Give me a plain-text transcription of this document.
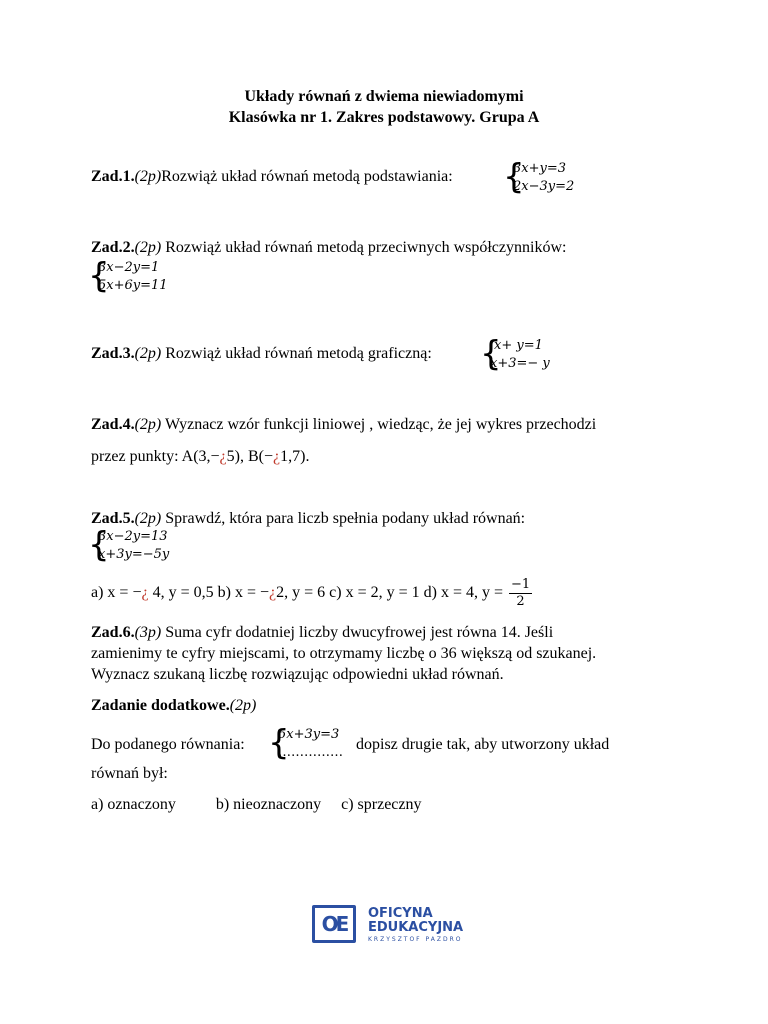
Układy równań z dwiema niewiadomymi
Klasówka nr 1. Zakres podstawowy. Grupa A
Zad.1.(2p)Rozwiąż układ równań metodą podstawiania: {
3x+y=3
2x−3y=2
Zad.2.(2p) Rozwiąż układ równań metodą przeciwnych współczynników:
{
3x−2y=1
5x+6y=11
Zad.3.(2p) Rozwiąż układ równań metodą graficzną: {
x+ y=1
x+3=− y
Zad.4.(2p) Wyznacz wzór funkcji liniowej , wiedząc, że jej wykres przechodzi
przez punkty: A(3,−¿5), B(−¿1,7).
Zad.5.(2p) Sprawdź, która para liczb spełnia podany układ równań:
{
3x−2y=13
x+3y=−5y
a) x = −¿ 4, y = 0,5 b) x = −¿2, y = 6 c) x = 2, y = 1 d) x = 4, $y = \frac{-1}{2}$
Zad.6.(3p) Suma cyfr dodatniej liczby dwucyfrowej jest równa 14. Jeśli
zamienimy te cyfry miejscami, to otrzymamy liczbę o 36 większą od szukanej.
Wyznacz szukaną liczbę rozwiązując odpowiedni układ równań.
Zadanie dodatkowe.(2p)
Do podanego równania: {
5x+3y=3
…………… dopisz drugie tak, aby utworzony układ
równań był:
a) oznaczony          b) nieoznaczony     c) sprzeczny
OE	OFICYNA
EDUKACYJNA
KRZYSZTOF PAZDRO
